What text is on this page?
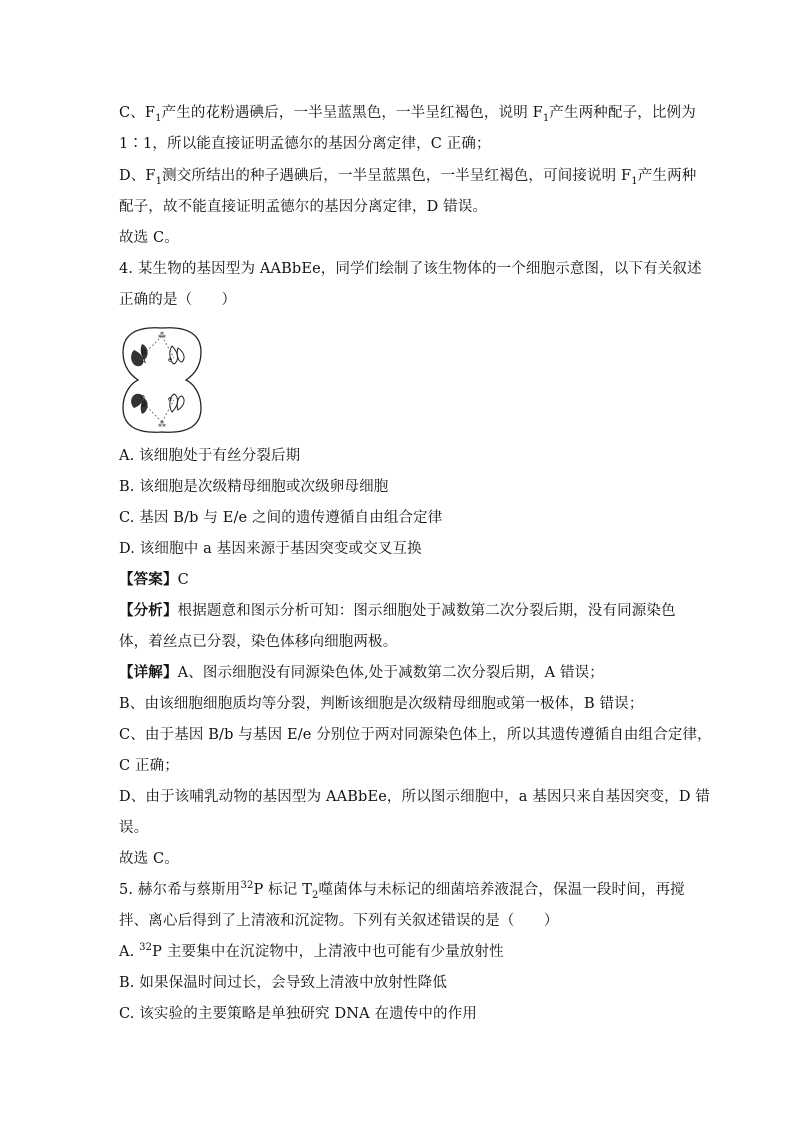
C、$F_1$产生的花粉遇碘后，一半呈蓝黑色，一半呈红褐色，说明 $F_1$产生两种配子，比例为
1∶1，所以能直接证明孟德尔的基因分离定律，C 正确；
D、$F_1$测交所结出的种子遇碘后，一半呈蓝黑色，一半呈红褐色，可间接说明 $F_1$产生两种
配子，故不能直接证明孟德尔的基因分离定律，D 错误。
故选 C。
4. 某生物的基因型为 AABbEe，同学们绘制了该生物体的一个细胞示意图，以下有关叙述
正确的是（　　）
⁂
⁂
B
A	e
a
B
e
A. 该细胞处于有丝分裂后期
B. 该细胞是次级精母细胞或次级卵母细胞
C. 基因 B/b 与 E/e 之间的遗传遵循自由组合定律
D. 该细胞中 a 基因来源于基因突变或交叉互换
【答案】C
【分析】根据题意和图示分析可知：图示细胞处于减数第二次分裂后期，没有同源染色
体，着丝点已分裂，染色体移向细胞两极。
【详解】A、图示细胞没有同源染色体,处于减数第二次分裂后期，A 错误；
B、由该细胞细胞质均等分裂，判断该细胞是次级精母细胞或第一极体，B 错误；
C、由于基因 B/b 与基因 E/e 分别位于两对同源染色体上，所以其遗传遵循自由组合定律，
C 正确；
D、由于该哺乳动物的基因型为 AABbEe，所以图示细胞中，a 基因只来自基因突变，D 错
误。
故选 C。
5. 赫尔希与蔡斯用$^{32}$P 标记 $T_2$噬菌体与未标记的细菌培养液混合，保温一段时间，再搅
拌、离心后得到了上清液和沉淀物。下列有关叙述错误的是（　　）
A. $^{32}$P 主要集中在沉淀物中，上清液中也可能有少量放射性
B. 如果保温时间过长，会导致上清液中放射性降低
C. 该实验的主要策略是单独研究 DNA 在遗传中的作用
